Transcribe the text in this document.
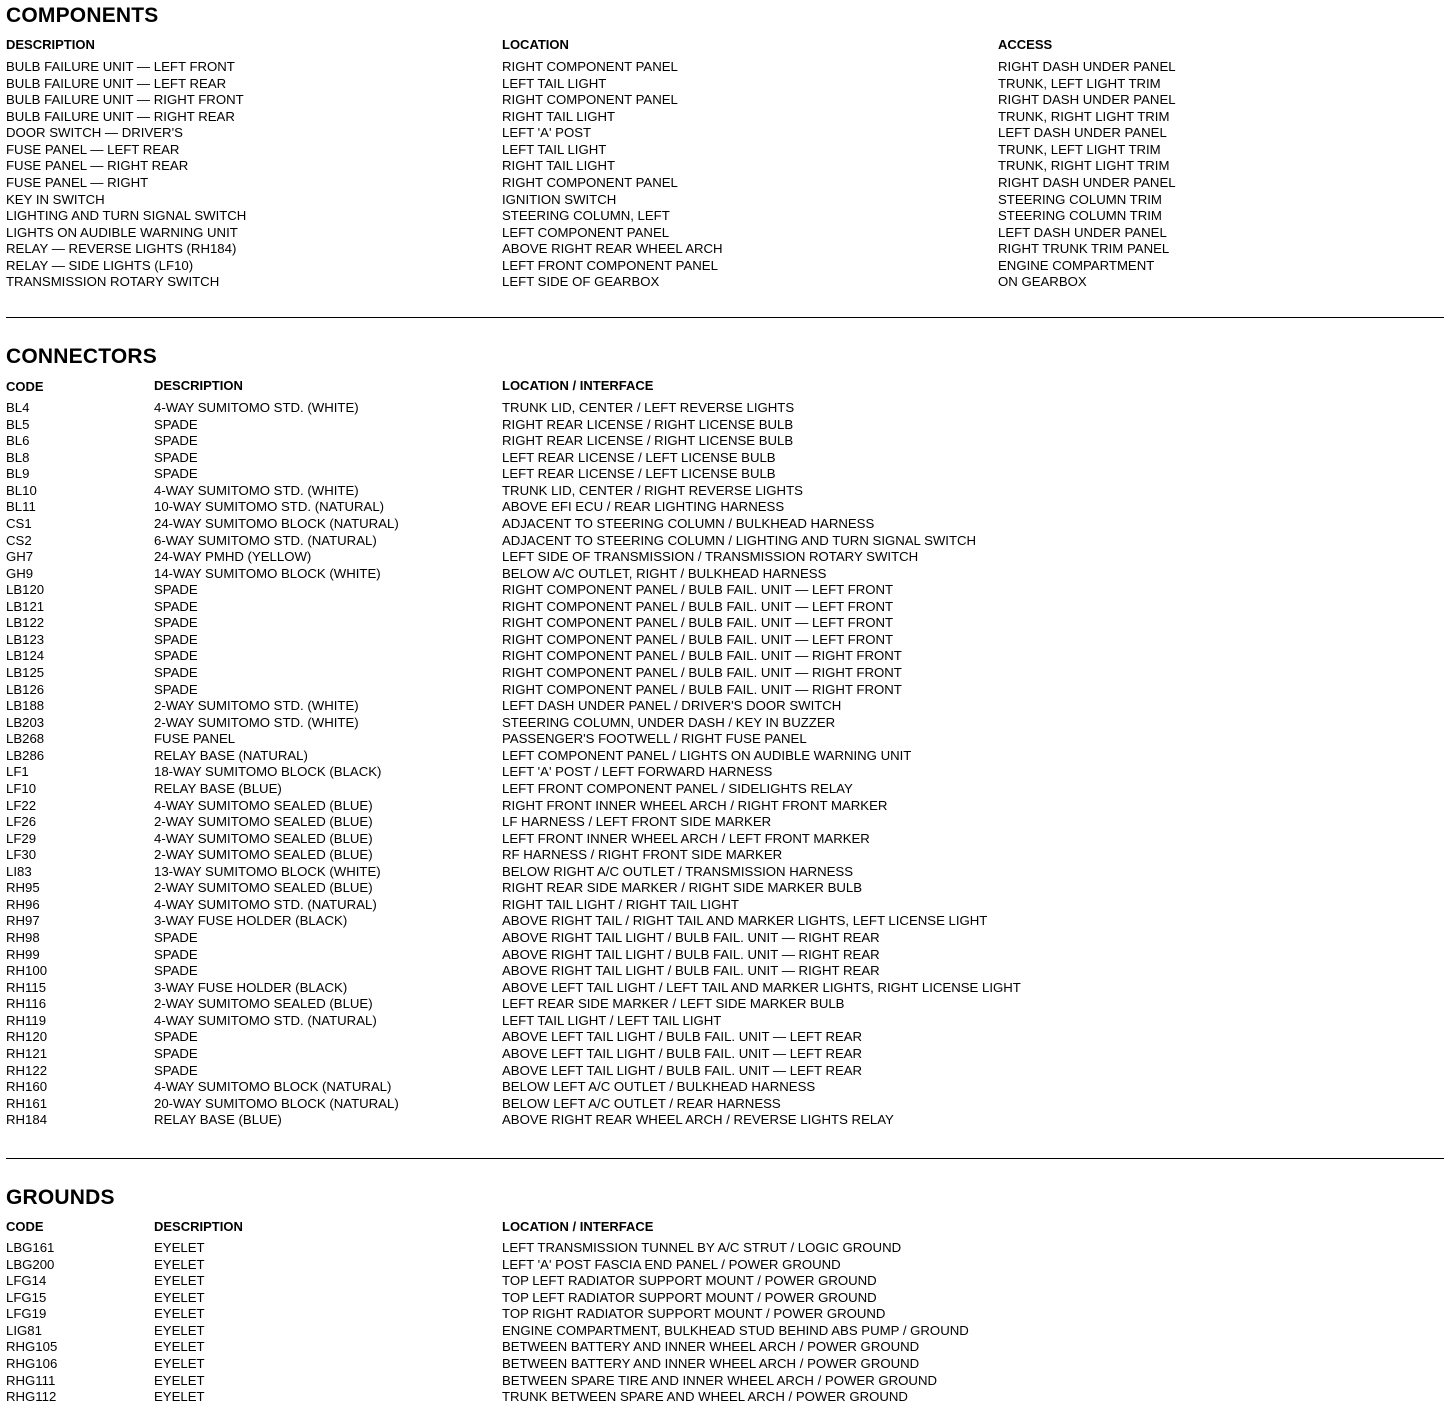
COMPONENTS
DESCRIPTION	LOCATION	ACCESS
BULB FAILURE UNIT — LEFT FRONT	RIGHT COMPONENT PANEL	RIGHT DASH UNDER PANEL
BULB FAILURE UNIT — LEFT REAR	LEFT TAIL LIGHT	TRUNK, LEFT LIGHT TRIM
BULB FAILURE UNIT — RIGHT FRONT	RIGHT COMPONENT PANEL	RIGHT DASH UNDER PANEL
BULB FAILURE UNIT — RIGHT REAR	RIGHT TAIL LIGHT	TRUNK, RIGHT LIGHT TRIM
DOOR SWITCH — DRIVER'S	LEFT 'A' POST	LEFT DASH UNDER PANEL
FUSE PANEL — LEFT REAR	LEFT TAIL LIGHT	TRUNK, LEFT LIGHT TRIM
FUSE PANEL — RIGHT REAR	RIGHT TAIL LIGHT	TRUNK, RIGHT LIGHT TRIM
FUSE PANEL — RIGHT	RIGHT COMPONENT PANEL	RIGHT DASH UNDER PANEL
KEY IN SWITCH	IGNITION SWITCH	STEERING COLUMN TRIM
LIGHTING AND TURN SIGNAL SWITCH	STEERING COLUMN, LEFT	STEERING COLUMN TRIM
LIGHTS ON AUDIBLE WARNING UNIT	LEFT COMPONENT PANEL	LEFT DASH UNDER PANEL
RELAY — REVERSE LIGHTS (RH184)	ABOVE RIGHT REAR WHEEL ARCH	RIGHT TRUNK TRIM PANEL
RELAY — SIDE LIGHTS (LF10)	LEFT FRONT COMPONENT PANEL	ENGINE COMPARTMENT
TRANSMISSION ROTARY SWITCH	LEFT SIDE OF GEARBOX	ON GEARBOX
CONNECTORS
CODE	DESCRIPTION	LOCATION / INTERFACE
BL4	4-WAY SUMITOMO STD. (WHITE)	TRUNK LID, CENTER / LEFT REVERSE LIGHTS
BL5	SPADE	RIGHT REAR LICENSE / RIGHT LICENSE BULB
BL6	SPADE	RIGHT REAR LICENSE / RIGHT LICENSE BULB
BL8	SPADE	LEFT REAR LICENSE / LEFT LICENSE BULB
BL9	SPADE	LEFT REAR LICENSE / LEFT LICENSE BULB
BL10	4-WAY SUMITOMO STD. (WHITE)	TRUNK LID, CENTER / RIGHT REVERSE LIGHTS
BL11	10-WAY SUMITOMO STD. (NATURAL)	ABOVE EFI ECU / REAR LIGHTING HARNESS
CS1	24-WAY SUMITOMO BLOCK (NATURAL)	ADJACENT TO STEERING COLUMN / BULKHEAD HARNESS
CS2	6-WAY SUMITOMO STD. (NATURAL)	ADJACENT TO STEERING COLUMN / LIGHTING AND TURN SIGNAL SWITCH
GH7	24-WAY PMHD (YELLOW)	LEFT SIDE OF TRANSMISSION / TRANSMISSION ROTARY SWITCH
GH9	14-WAY SUMITOMO BLOCK (WHITE)	BELOW A/C OUTLET, RIGHT / BULKHEAD HARNESS
LB120	SPADE	RIGHT COMPONENT PANEL / BULB FAIL. UNIT — LEFT FRONT
LB121	SPADE	RIGHT COMPONENT PANEL / BULB FAIL. UNIT — LEFT FRONT
LB122	SPADE	RIGHT COMPONENT PANEL / BULB FAIL. UNIT — LEFT FRONT
LB123	SPADE	RIGHT COMPONENT PANEL / BULB FAIL. UNIT — LEFT FRONT
LB124	SPADE	RIGHT COMPONENT PANEL / BULB FAIL. UNIT — RIGHT FRONT
LB125	SPADE	RIGHT COMPONENT PANEL / BULB FAIL. UNIT — RIGHT FRONT
LB126	SPADE	RIGHT COMPONENT PANEL / BULB FAIL. UNIT — RIGHT FRONT
LB188	2-WAY SUMITOMO STD. (WHITE)	LEFT DASH UNDER PANEL / DRIVER'S DOOR SWITCH
LB203	2-WAY SUMITOMO STD. (WHITE)	STEERING COLUMN, UNDER DASH / KEY IN BUZZER
LB268	FUSE PANEL	PASSENGER'S FOOTWELL / RIGHT FUSE PANEL
LB286	RELAY BASE (NATURAL)	LEFT COMPONENT PANEL / LIGHTS ON AUDIBLE WARNING UNIT
LF1	18-WAY SUMITOMO BLOCK (BLACK)	LEFT 'A' POST / LEFT FORWARD HARNESS
LF10	RELAY BASE (BLUE)	LEFT FRONT COMPONENT PANEL / SIDELIGHTS RELAY
LF22	4-WAY SUMITOMO SEALED (BLUE)	RIGHT FRONT INNER WHEEL ARCH / RIGHT FRONT MARKER
LF26	2-WAY SUMITOMO SEALED (BLUE)	LF HARNESS / LEFT FRONT SIDE MARKER
LF29	4-WAY SUMITOMO SEALED (BLUE)	LEFT FRONT INNER WHEEL ARCH / LEFT FRONT MARKER
LF30	2-WAY SUMITOMO SEALED (BLUE)	RF HARNESS / RIGHT FRONT SIDE MARKER
LI83	13-WAY SUMITOMO BLOCK (WHITE)	BELOW RIGHT A/C OUTLET / TRANSMISSION HARNESS
RH95	2-WAY SUMITOMO SEALED (BLUE)	RIGHT REAR SIDE MARKER / RIGHT SIDE MARKER BULB
RH96	4-WAY SUMITOMO STD. (NATURAL)	RIGHT TAIL LIGHT / RIGHT TAIL LIGHT
RH97	3-WAY FUSE HOLDER (BLACK)	ABOVE RIGHT TAIL / RIGHT TAIL AND MARKER LIGHTS, LEFT LICENSE LIGHT
RH98	SPADE	ABOVE RIGHT TAIL LIGHT / BULB FAIL. UNIT — RIGHT REAR
RH99	SPADE	ABOVE RIGHT TAIL LIGHT / BULB FAIL. UNIT — RIGHT REAR
RH100	SPADE	ABOVE RIGHT TAIL LIGHT / BULB FAIL. UNIT — RIGHT REAR
RH115	3-WAY FUSE HOLDER (BLACK)	ABOVE LEFT TAIL LIGHT / LEFT TAIL AND MARKER LIGHTS, RIGHT LICENSE LIGHT
RH116	2-WAY SUMITOMO SEALED (BLUE)	LEFT REAR SIDE MARKER / LEFT SIDE MARKER BULB
RH119	4-WAY SUMITOMO STD. (NATURAL)	LEFT TAIL LIGHT / LEFT TAIL LIGHT
RH120	SPADE	ABOVE LEFT TAIL LIGHT / BULB FAIL. UNIT — LEFT REAR
RH121	SPADE	ABOVE LEFT TAIL LIGHT / BULB FAIL. UNIT — LEFT REAR
RH122	SPADE	ABOVE LEFT TAIL LIGHT / BULB FAIL. UNIT — LEFT REAR
RH160	4-WAY SUMITOMO BLOCK (NATURAL)	BELOW LEFT A/C OUTLET / BULKHEAD HARNESS
RH161	20-WAY SUMITOMO BLOCK (NATURAL)	BELOW LEFT A/C OUTLET / REAR HARNESS
RH184	RELAY BASE (BLUE)	ABOVE RIGHT REAR WHEEL ARCH / REVERSE LIGHTS RELAY
GROUNDS
CODE	DESCRIPTION	LOCATION / INTERFACE
LBG161	EYELET	LEFT TRANSMISSION TUNNEL BY A/C STRUT / LOGIC GROUND
LBG200	EYELET	LEFT 'A' POST FASCIA END PANEL / POWER GROUND
LFG14	EYELET	TOP LEFT RADIATOR SUPPORT MOUNT / POWER GROUND
LFG15	EYELET	TOP LEFT RADIATOR SUPPORT MOUNT / POWER GROUND
LFG19	EYELET	TOP RIGHT RADIATOR SUPPORT MOUNT / POWER GROUND
LIG81	EYELET	ENGINE COMPARTMENT, BULKHEAD STUD BEHIND ABS PUMP / GROUND
RHG105	EYELET	BETWEEN BATTERY AND INNER WHEEL ARCH / POWER GROUND
RHG106	EYELET	BETWEEN BATTERY AND INNER WHEEL ARCH / POWER GROUND
RHG111	EYELET	BETWEEN SPARE TIRE AND INNER WHEEL ARCH / POWER GROUND
RHG112	EYELET	TRUNK BETWEEN SPARE AND WHEEL ARCH / POWER GROUND
